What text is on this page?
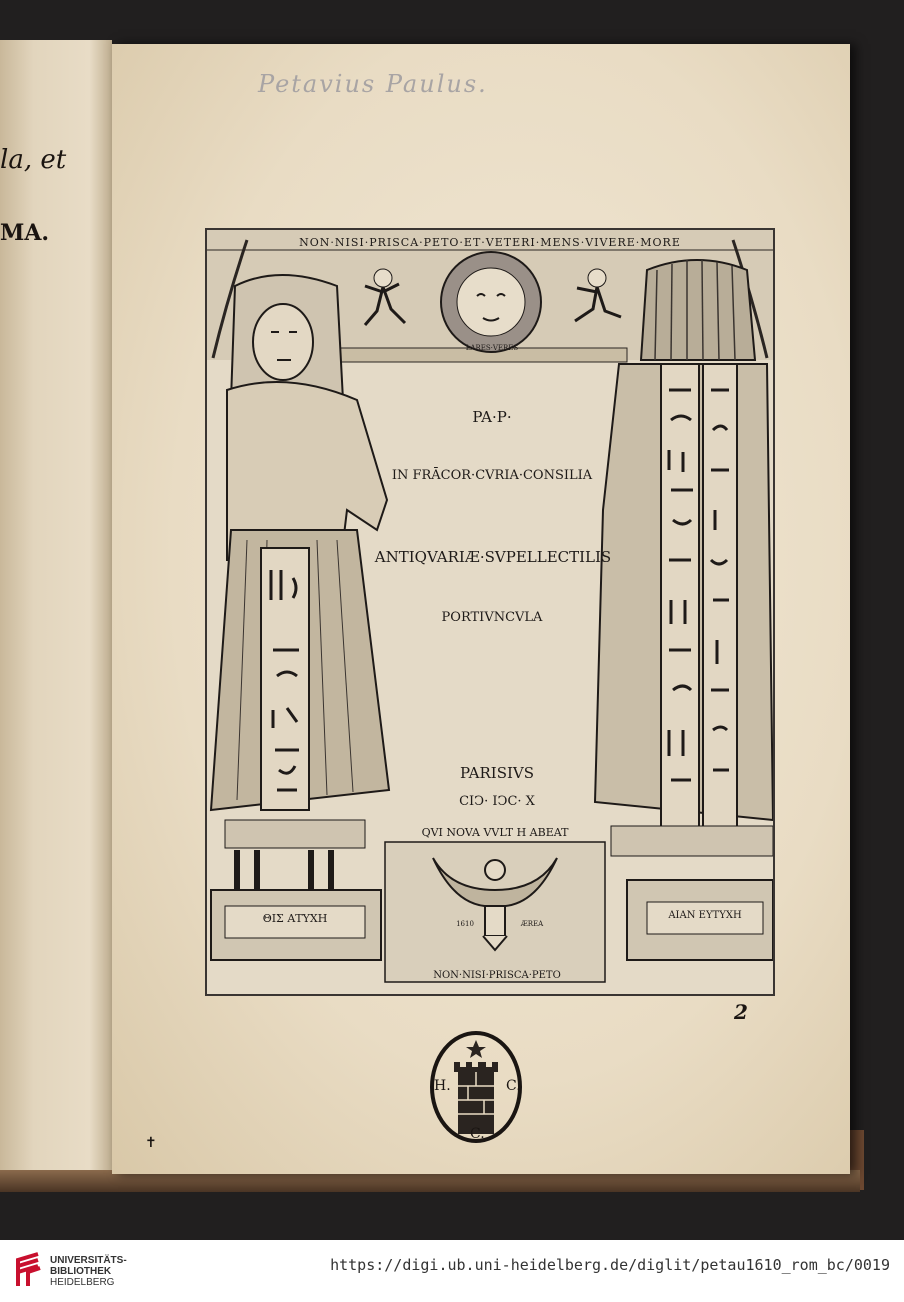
la, et
MA.
Petavius Paulus.
NON·NISI·PRISCA·PETO·ET·VETERI·MENS·VIVERE·MORE
LARES·VERES
PA·P·
IN FRĀCOR·CVRIA·CONSILIA
ANTIQVARIÆ·SVPELLECTILIS
PORTIVNCVLA
PARISIVS
CIↃ· IↃC· X
QVI NOVA VVLT H ABEAT
ΘΙΣ ΑΤΥΧΗ	ΑΙΑΝ ΕΥΤΥΧΗ
1610	ÆREA
NON·NISI·PRISCA·PETO
2
H.	C.
C.
✝
UNIVERSITÄTS-
BIBLIOTHEK
HEIDELBERG
https://digi.ub.uni-heidelberg.de/diglit/petau1610_rom_bc/0019
